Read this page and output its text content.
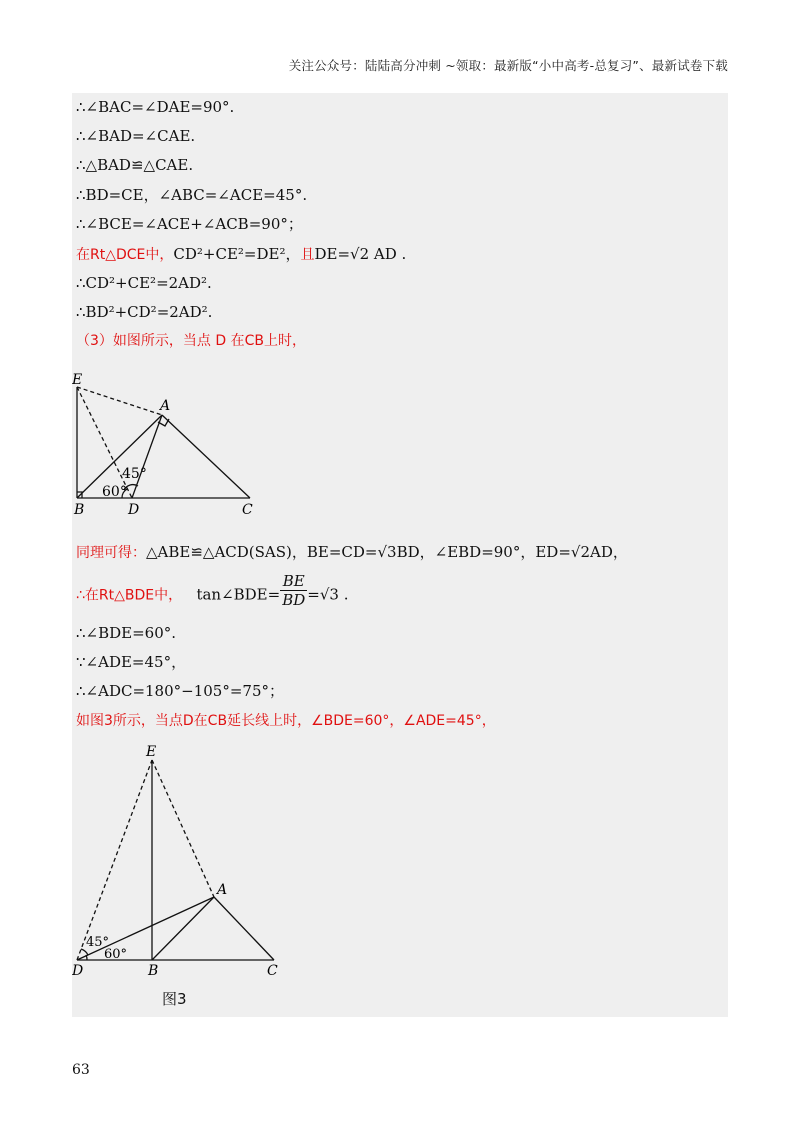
关注公众号：陆陆高分冲刺 ~领取：最新版“小中高考-总复习”、最新试卷下载
∴∠BAC=∠DAE=90°.
∴∠BAD=∠CAE.
∴△BAD≌△CAE.
∴BD=CE，∠ABC=∠ACE=45°.
∴∠BCE=∠ACE+∠ACB=90°；
在Rt△DCE中，CD²+CE²=DE²，且DE=√2 AD .
∴CD²+CE²=2AD².
∴BD²+CD²=2AD².
（3）如图所示，当点 D 在CB上时，
E
A
B	D	C
45°
60°
同理可得：△ABE≌△ACD(SAS)，BE=CD=√3BD，∠EBD=90°，ED=√2AD，
∴在Rt△BDE中， tan∠BDE= $\frac{BE}{BD} =√3$ .
∴∠BDE=60°.
∵∠ADE=45°，
∴∠ADC=180°−105°=75°；
如图3所示，当点D在CB延长线上时，∠BDE=60°，∠ADE=45°，
E
A
D	B	C
45°
60°
图3
63
